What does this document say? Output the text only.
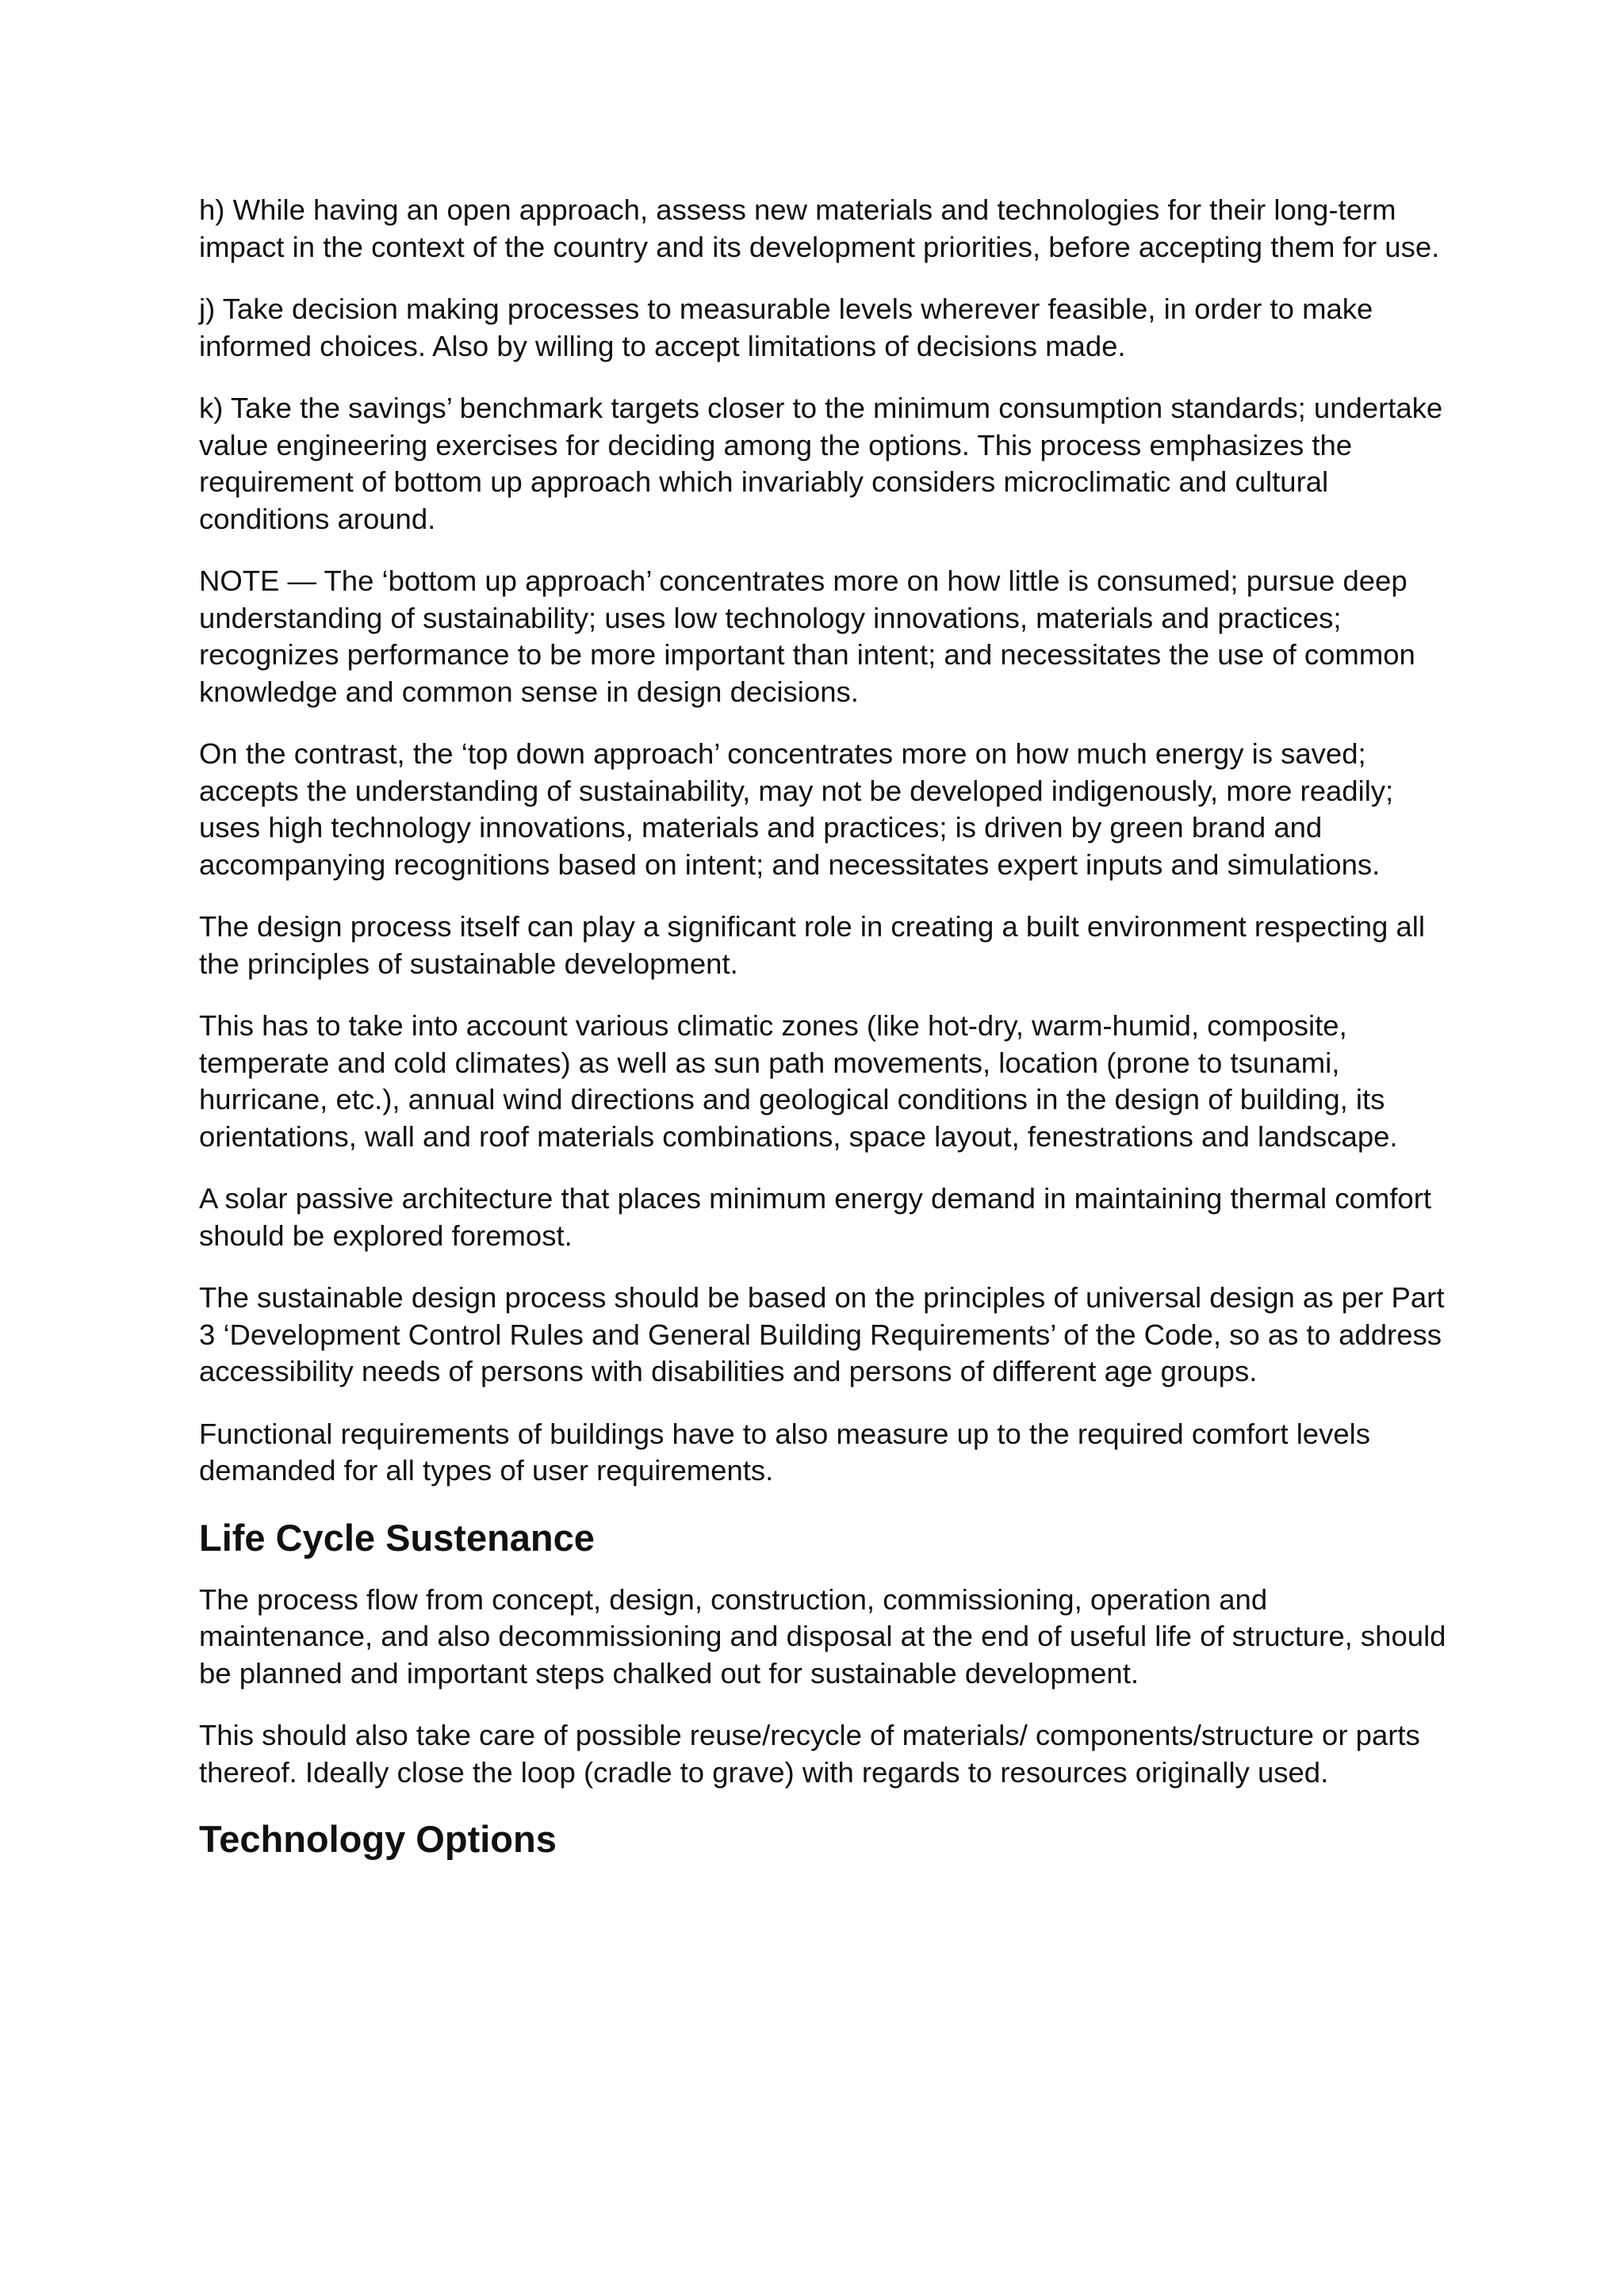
h) While having an open approach, assess new materials and technologies for their long-term impact in the context of the country and its development priorities, before accepting them for use.

j) Take decision making processes to measurable levels wherever feasible, in order to make informed choices. Also by willing to accept limitations of decisions made.

k) Take the savings’ benchmark targets closer to the minimum consumption standards; undertake value engineering exercises for deciding among the options. This process emphasizes the requirement of bottom up approach which invariably considers microclimatic and cultural conditions around.

NOTE — The ‘bottom up approach’ concentrates more on how little is consumed; pursue deep understanding of sustainability; uses low technology innovations, materials and practices; recognizes performance to be more important than intent; and necessitates the use of common knowledge and common sense in design decisions.

On the contrast, the ‘top down approach’ concentrates more on how much energy is saved; accepts the understanding of sustainability, may not be developed indigenously, more readily; uses high technology innovations, materials and practices; is driven by green brand and accompanying recognitions based on intent; and necessitates expert inputs and simulations.

The design process itself can play a significant role in creating a built environment respecting all the principles of sustainable development.

This has to take into account various climatic zones (like hot-dry, warm-humid, composite, temperate and cold climates) as well as sun path movements, location (prone to tsunami, hurricane, etc.), annual wind directions and geological conditions in the design of building, its orientations, wall and roof materials combinations, space layout, fenestrations and landscape.

A solar passive architecture that places minimum energy demand in maintaining thermal comfort should be explored foremost.

The sustainable design process should be based on the principles of universal design as per Part 3 ‘Development Control Rules and General Building Requirements’ of the Code, so as to address accessibility needs of persons with disabilities and persons of different age groups.

Functional requirements of buildings have to also measure up to the required comfort levels demanded for all types of user requirements.

Life Cycle Sustenance

The process flow from concept, design, construction, commissioning, operation and maintenance, and also decommissioning and disposal at the end of useful life of structure, should be planned and important steps chalked out for sustainable development.

This should also take care of possible reuse/recycle of materials/ components/structure or parts thereof. Ideally close the loop (cradle to grave) with regards to resources originally used.

Technology Options
